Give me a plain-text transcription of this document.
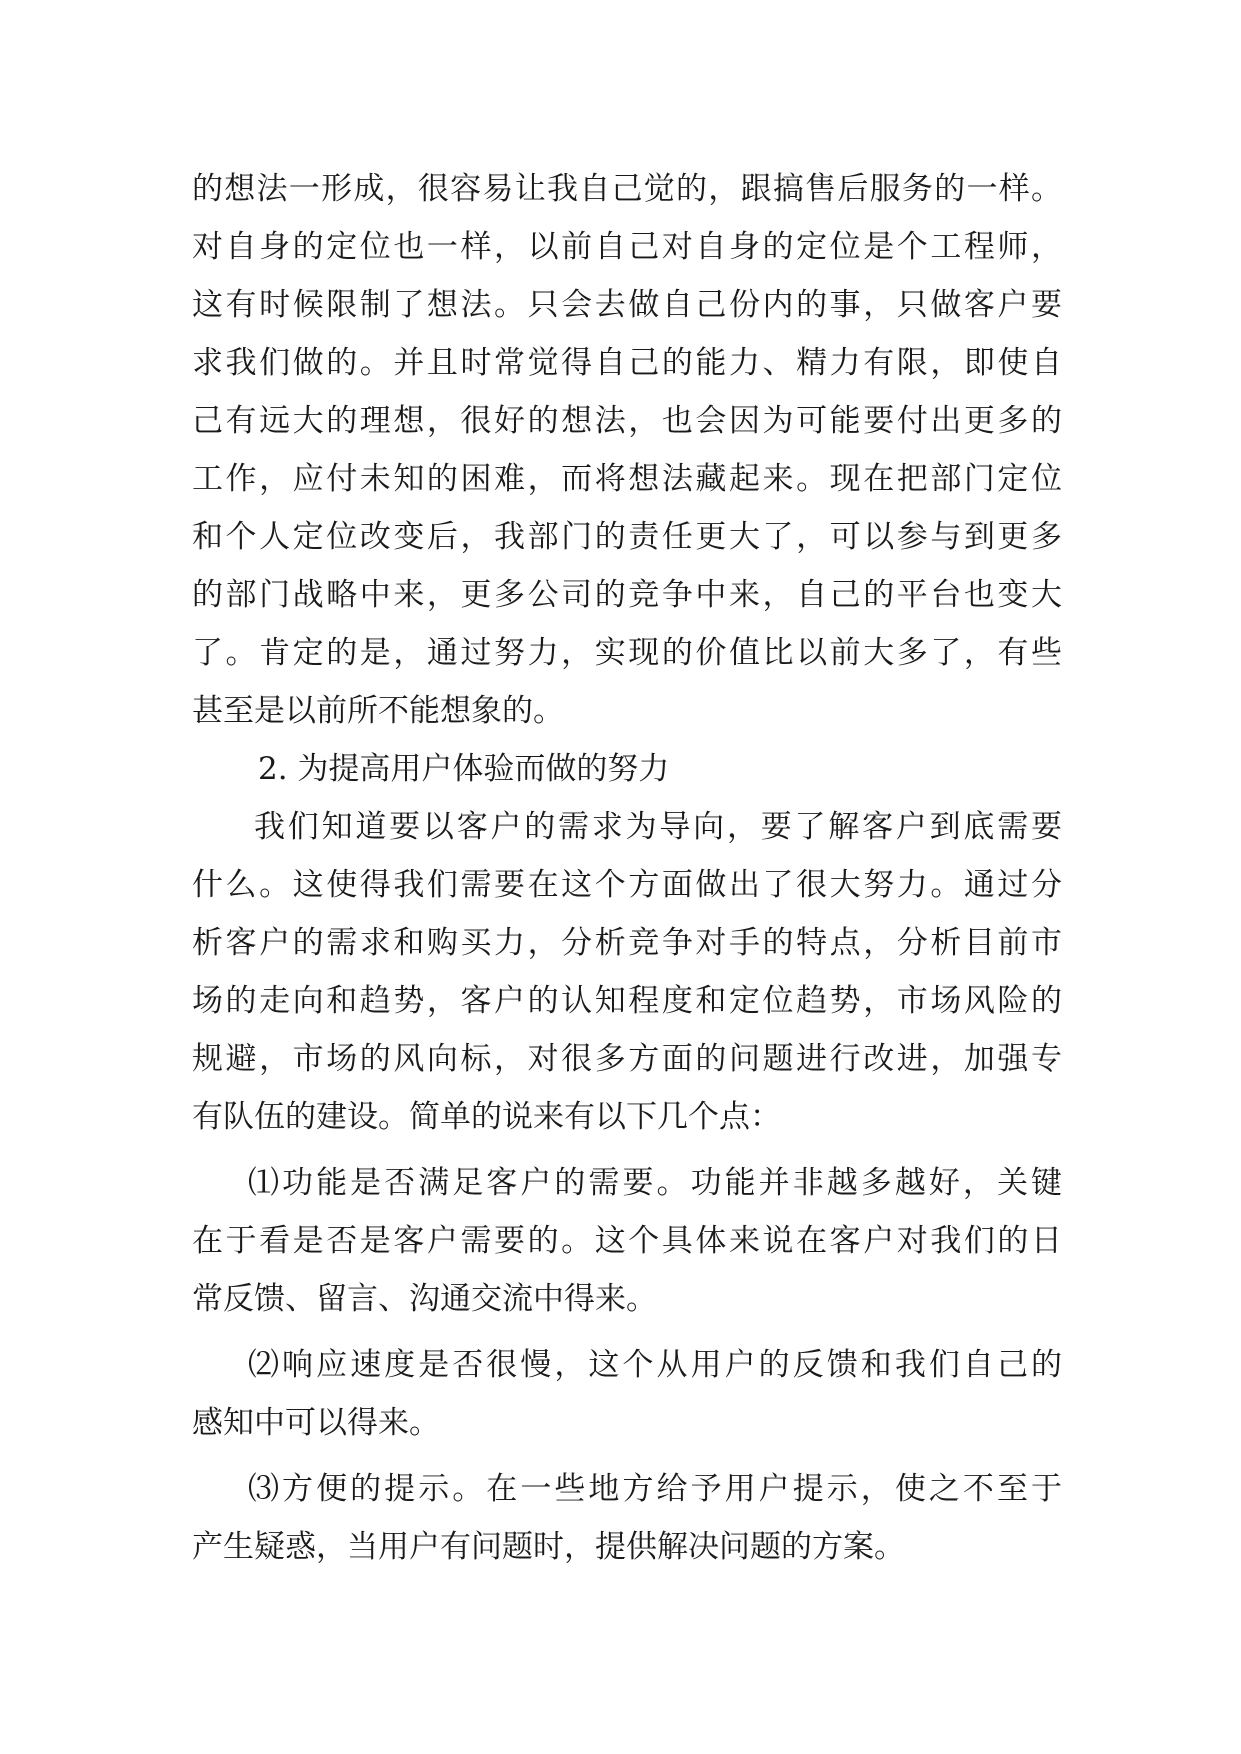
的想法一形成，很容易让我自己觉的，跟搞售后服务的一样。
对自身的定位也一样，以前自己对自身的定位是个工程师，
这有时候限制了想法。只会去做自己份内的事，只做客户要
求我们做的。并且时常觉得自己的能力、精力有限，即使自
己有远大的理想，很好的想法，也会因为可能要付出更多的
工作，应付未知的困难，而将想法藏起来。现在把部门定位
和个人定位改变后，我部门的责任更大了，可以参与到更多
的部门战略中来，更多公司的竞争中来，自己的平台也变大
了。肯定的是，通过努力，实现的价值比以前大多了，有些
甚至是以前所不能想象的。
2. 为提高用户体验而做的努力
我们知道要以客户的需求为导向，要了解客户到底需要
什么。这使得我们需要在这个方面做出了很大努力。通过分
析客户的需求和购买力，分析竞争对手的特点，分析目前市
场的走向和趋势，客户的认知程度和定位趋势，市场风险的
规避，市场的风向标，对很多方面的问题进行改进，加强专
有队伍的建设。简单的说来有以下几个点：
⑴功能是否满足客户的需要。功能并非越多越好，关键
在于看是否是客户需要的。这个具体来说在客户对我们的日
常反馈、留言、沟通交流中得来。
⑵响应速度是否很慢，这个从用户的反馈和我们自己的
感知中可以得来。
⑶方便的提示。在一些地方给予用户提示，使之不至于
产生疑惑，当用户有问题时，提供解决问题的方案。
